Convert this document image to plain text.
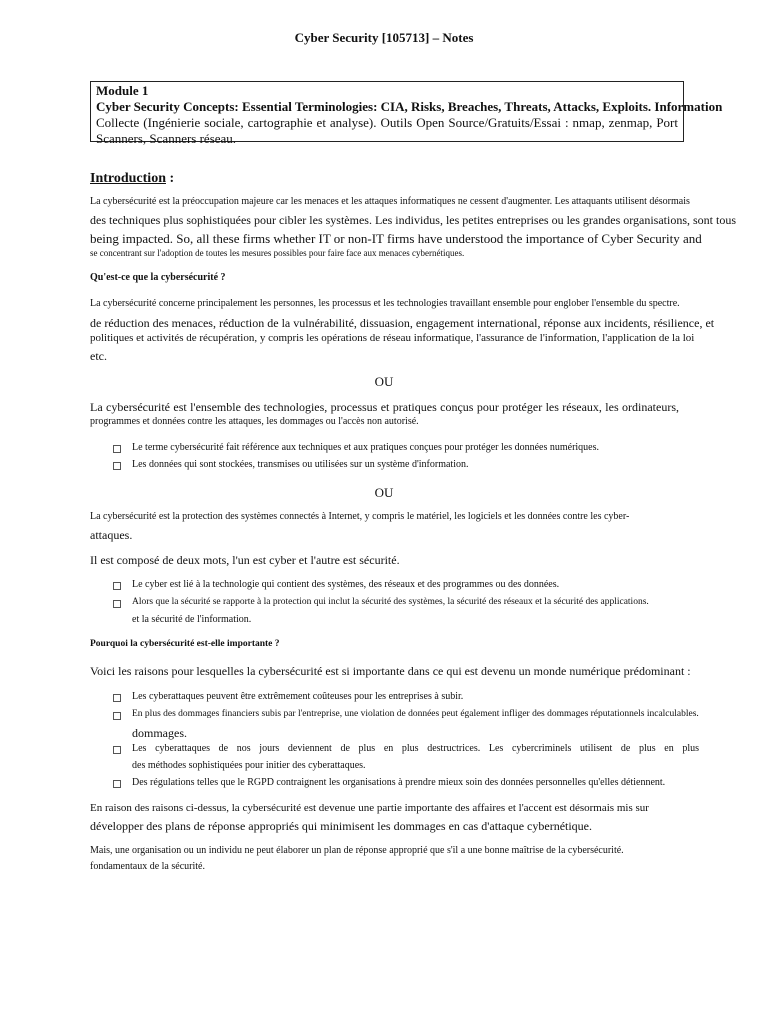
Cyber Security [105713] – Notes
Module 1
Cyber Security Concepts: Essential Terminologies: CIA, Risks, Breaches, Threats, Attacks, Exploits. Information
Collecte (Ingénierie sociale, cartographie et analyse). Outils Open Source/Gratuits/Essai : nmap, zenmap, Port Scanners, Scanners réseau.
Introduction :
La cybersécurité est la préoccupation majeure car les menaces et les attaques informatiques ne cessent d'augmenter. Les attaquants utilisent désormais
des techniques plus sophistiquées pour cibler les systèmes. Les individus, les petites entreprises ou les grandes organisations, sont tous
being impacted. So, all these firms whether IT or non-IT firms have understood the importance of Cyber Security and
se concentrant sur l'adoption de toutes les mesures possibles pour faire face aux menaces cybernétiques.
Qu'est-ce que la cybersécurité ?
La cybersécurité concerne principalement les personnes, les processus et les technologies travaillant ensemble pour englober l'ensemble du spectre.
de réduction des menaces, réduction de la vulnérabilité, dissuasion, engagement international, réponse aux incidents, résilience, et
politiques et activités de récupération, y compris les opérations de réseau informatique, l'assurance de l'information, l'application de la loi
etc.
OU
La cybersécurité est l'ensemble des technologies, processus et pratiques conçus pour protéger les réseaux, les ordinateurs,
programmes et données contre les attaques, les dommages ou l'accès non autorisé.
Le terme cybersécurité fait référence aux techniques et aux pratiques conçues pour protéger les données numériques.
Les données qui sont stockées, transmises ou utilisées sur un système d'information.
OU
La cybersécurité est la protection des systèmes connectés à Internet, y compris le matériel, les logiciels et les données contre les cyber-
attaques.
Il est composé de deux mots, l'un est cyber et l'autre est sécurité.
Le cyber est lié à la technologie qui contient des systèmes, des réseaux et des programmes ou des données.
Alors que la sécurité se rapporte à la protection qui inclut la sécurité des systèmes, la sécurité des réseaux et la sécurité des applications.
et la sécurité de l'information.
Pourquoi la cybersécurité est-elle importante ?
Voici les raisons pour lesquelles la cybersécurité est si importante dans ce qui est devenu un monde numérique prédominant :
Les cyberattaques peuvent être extrêmement coûteuses pour les entreprises à subir.
En plus des dommages financiers subis par l'entreprise, une violation de données peut également infliger des dommages réputationnels incalculables.
dommages.
Les cyberattaques de nos jours deviennent de plus en plus destructrices. Les cybercriminels utilisent de plus en plus
des méthodes sophistiquées pour initier des cyberattaques.
Des régulations telles que le RGPD contraignent les organisations à prendre mieux soin des données personnelles qu'elles détiennent.
En raison des raisons ci-dessus, la cybersécurité est devenue une partie importante des affaires et l'accent est désormais mis sur
développer des plans de réponse appropriés qui minimisent les dommages en cas d'attaque cybernétique.
Mais, une organisation ou un individu ne peut élaborer un plan de réponse approprié que s'il a une bonne maîtrise de la cybersécurité.
fondamentaux de la sécurité.
